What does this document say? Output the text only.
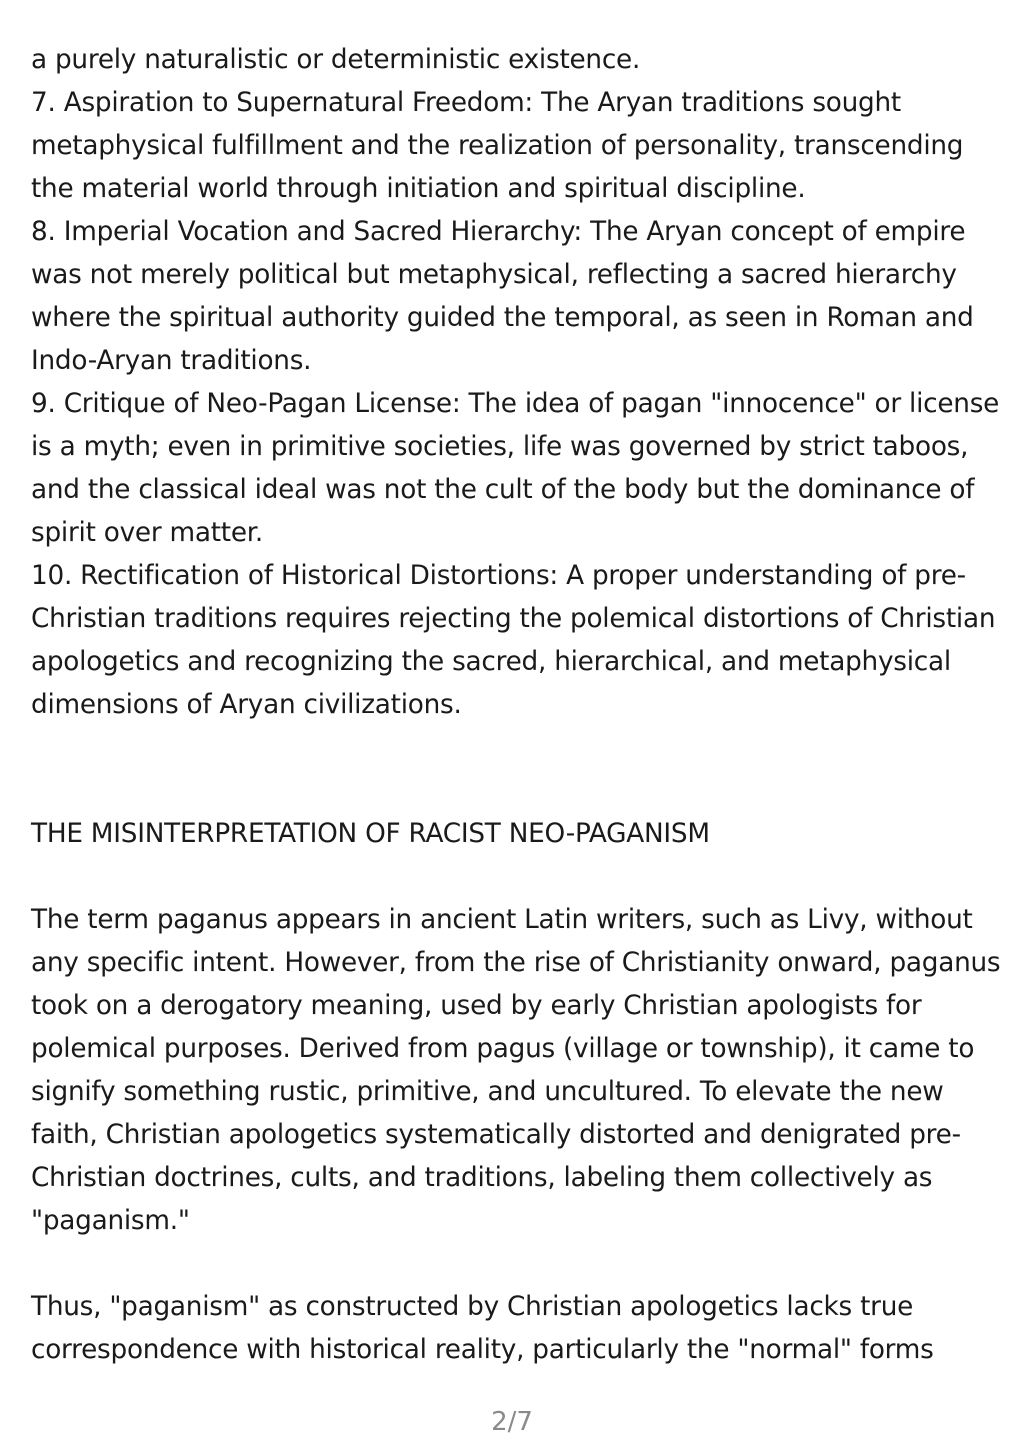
a purely naturalistic or deterministic existence.

7. Aspiration to Supernatural Freedom: The Aryan traditions sought metaphysical fulfillment and the realization of personality, transcending the material world through initiation and spiritual discipline.

8. Imperial Vocation and Sacred Hierarchy: The Aryan concept of empire was not merely political but metaphysical, reflecting a sacred hierarchy where the spiritual authority guided the temporal, as seen in Roman and Indo-Aryan traditions.

9. Critique of Neo-Pagan License: The idea of pagan "innocence" or license is a myth; even in primitive societies, life was governed by strict taboos, and the classical ideal was not the cult of the body but the dominance of spirit over matter.

10. Rectification of Historical Distortions: A proper understanding of pre-Christian traditions requires rejecting the polemical distortions of Christian apologetics and recognizing the sacred, hierarchical, and metaphysical dimensions of Aryan civilizations.

THE MISINTERPRETATION OF RACIST NEO-PAGANISM

The term paganus appears in ancient Latin writers, such as Livy, without any specific intent. However, from the rise of Christianity onward, paganus took on a derogatory meaning, used by early Christian apologists for polemical purposes. Derived from pagus (village or township), it came to signify something rustic, primitive, and uncultured. To elevate the new faith, Christian apologetics systematically distorted and denigrated pre-Christian doctrines, cults, and traditions, labeling them collectively as "paganism."

Thus, "paganism" as constructed by Christian apologetics lacks true correspondence with historical reality, particularly the "normal" forms

2/7
